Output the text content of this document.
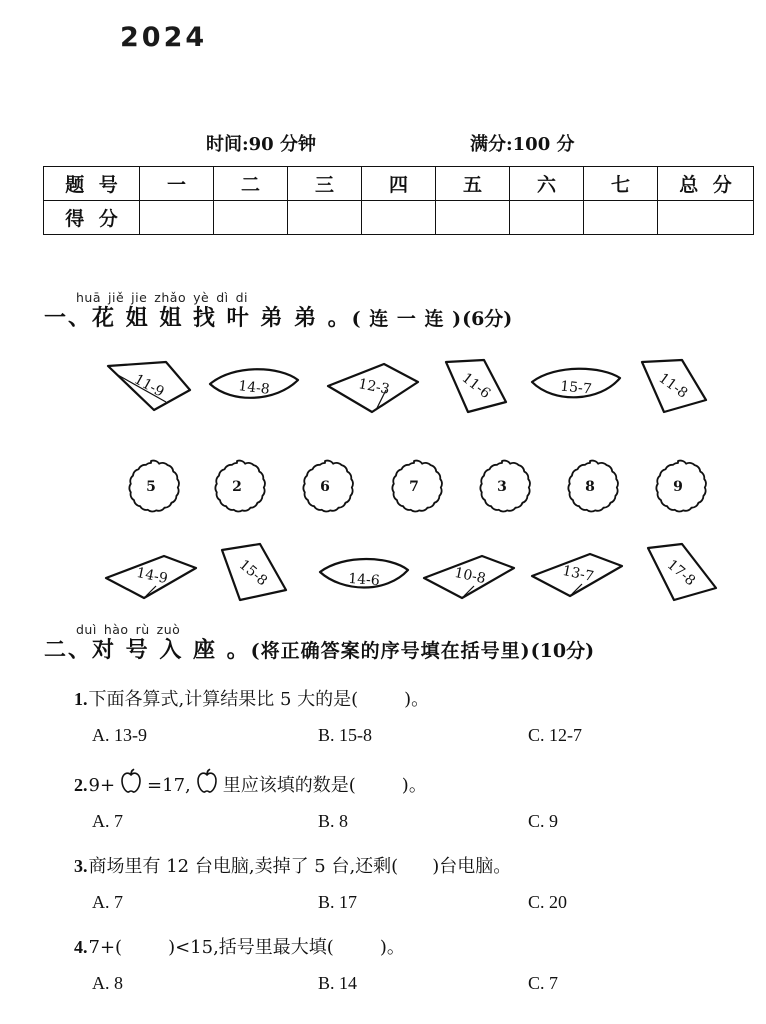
2024
时间:90 分钟	满分:100 分
题 号	一	二	三	四	五	六	七	总 分
得 分								
huā jiě jie zhǎo yè dì di
一、花 姐 姐 找 叶 弟 弟 。( 连 一 连 )(6分)
11-9	14-8	12-3	11-6	15-7	11-8
5	2	6	7	3	8	9
14-9	15-8	14-6	10-8	13-7	17-8
duì hào rù zuò
二、对 号 入 座 。(将正确答案的序号填在括号里)(10分)
1.下面各算式,计算结果比 5 大的是(	)。
A. 13-9	B. 15-8	C. 12-7
2.9+ =17, 里应该填的数是(	)。
A. 7	B. 8	C. 9
3.商场里有 12 台电脑,卖掉了 5 台,还剩( )台电脑。
A. 7	B. 17	C. 20
4.7+(	)<15,括号里最大填(	)。
A. 8	B. 14	C. 7
